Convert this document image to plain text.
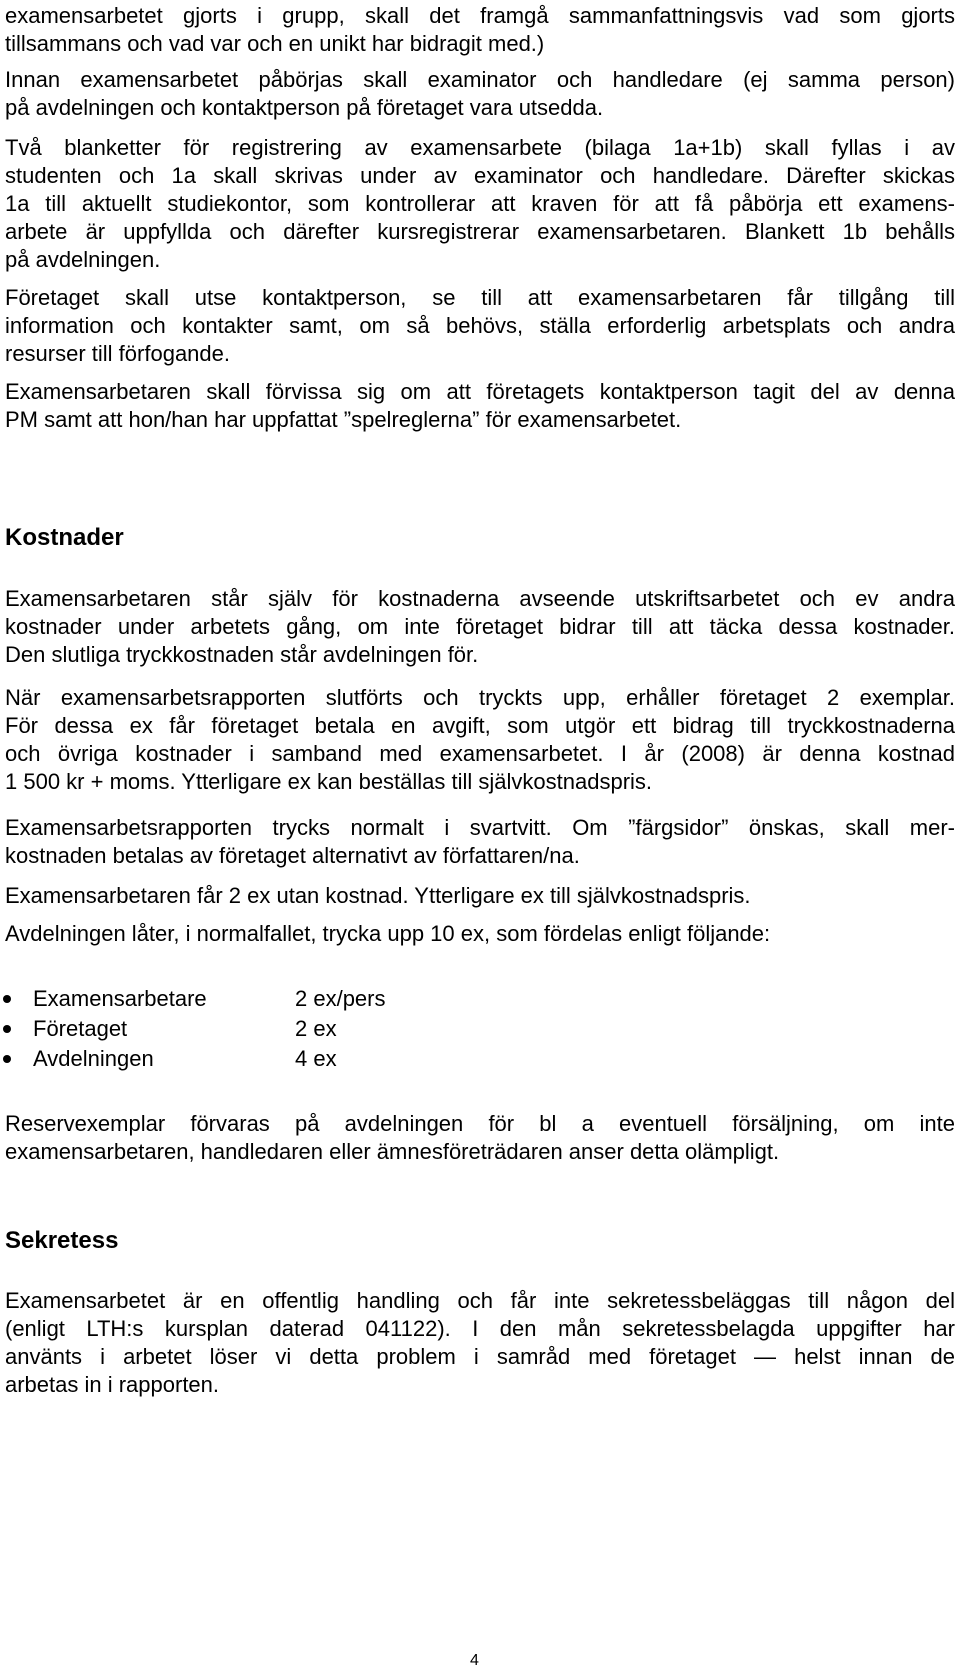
examensarbetet gjorts i grupp, skall det framgå sammanfattningsvis vad som gjorts
tillsammans och vad var och en unikt har bidragit med.)
Innan examensarbetet påbörjas skall examinator och handledare (ej samma person)
på avdelningen och kontaktperson på företaget vara utsedda.
Två blanketter för registrering av examensarbete (bilaga 1a+1b) skall fyllas i av
studenten och 1a skall skrivas under av examinator och handledare. Därefter skickas
1a till aktuellt studiekontor, som kontrollerar att kraven för att få påbörja ett examens-
arbete är uppfyllda och därefter kursregistrerar examensarbetaren. Blankett 1b behålls
på avdelningen.
Företaget skall utse kontaktperson, se till att examensarbetaren får tillgång till
information och kontakter samt, om så behövs, ställa erforderlig arbetsplats och andra
resurser till förfogande.
Examensarbetaren skall förvissa sig om att företagets kontaktperson tagit del av denna
PM samt att hon/han har uppfattat ”spelreglerna” för examensarbetet.
Kostnader
Examensarbetaren står själv för kostnaderna avseende utskriftsarbetet och ev andra
kostnader under arbetets gång, om inte företaget bidrar till att täcka dessa kostnader.
Den slutliga tryckkostnaden står avdelningen för.
När examensarbetsrapporten slutförts och tryckts upp, erhåller företaget 2 exemplar.
För dessa ex får företaget betala en avgift, som utgör ett bidrag till tryckkostnaderna
och övriga kostnader i samband med examensarbetet. I år (2008) är denna kostnad
1 500 kr + moms. Ytterligare ex kan beställas till självkostnadspris.
Examensarbetsrapporten trycks normalt i svartvitt. Om ”färgsidor” önskas, skall mer-
kostnaden betalas av företaget alternativt av författaren/na.
Examensarbetaren får 2 ex utan kostnad. Ytterligare ex till självkostnadspris.
Avdelningen låter, i normalfallet, trycka upp 10 ex, som fördelas enligt följande:
Examensarbetare	2 ex/pers
Företaget	2 ex
Avdelningen	4 ex
Reservexemplar förvaras på avdelningen för bl a eventuell försäljning, om inte
examensarbetaren, handledaren eller ämnesföreträdaren anser detta olämpligt.
Sekretess
Examensarbetet är en offentlig handling och får inte sekretessbeläggas till någon del
(enligt LTH:s kursplan daterad 041122). I den mån sekretessbelagda uppgifter har
använts i arbetet löser vi detta problem i samråd med företaget — helst innan de
arbetas in i rapporten.
4
